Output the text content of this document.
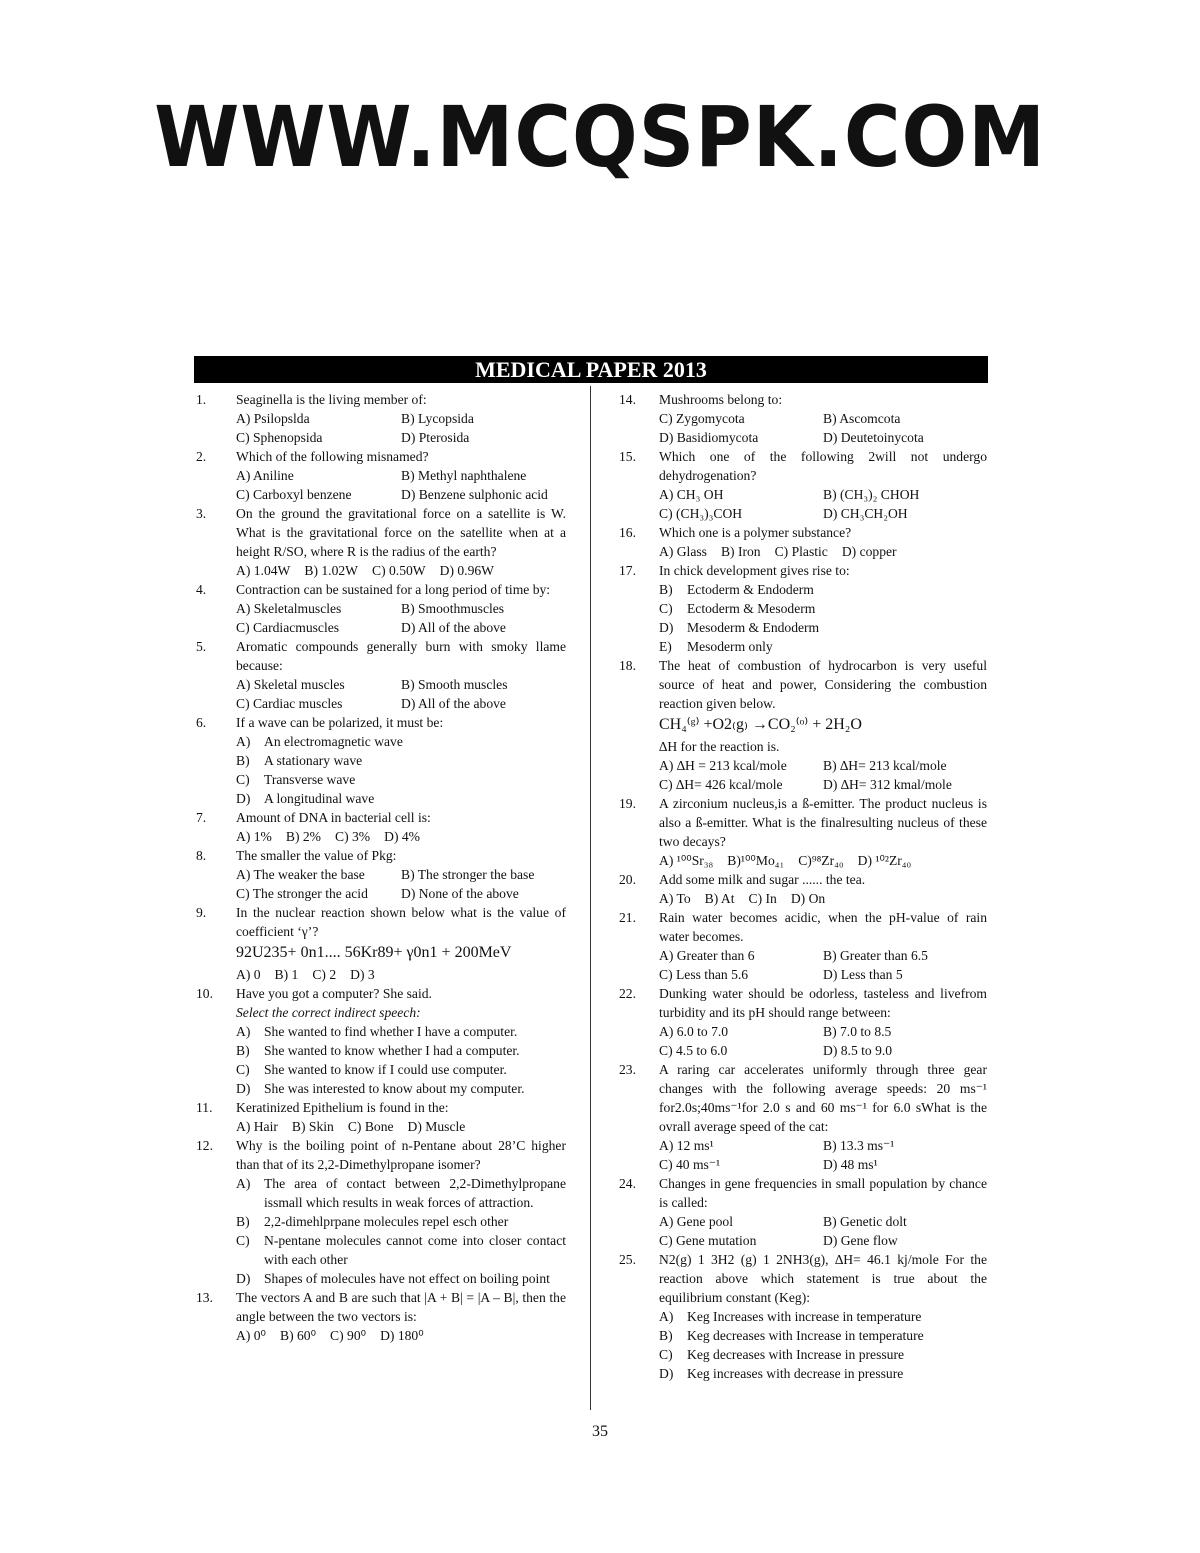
WWW.MCQSPK.COM
MEDICAL PAPER 2013
1. Seaginella is the living member of:
A) Psilopslda	B) Lycopsida
C) Sphenopsida	D) Pterosida
2. Which of the following misnamed?
A) Aniline	B) Methyl naphthalene
C) Carboxyl benzene	D) Benzene sulphonic acid
3. On the ground the gravitational force on a satellite is W. What is the gravitational force on the satellite when at a height R/SO, where R is the radius of the earth?
A) 1.04W B) 1.02W C) 0.50W D) 0.96W
4. Contraction can be sustained for a long period of time by:
A) Skeletalmuscles	B) Smoothmuscles
C) Cardiacmuscles	D) All of the above
5. Aromatic compounds generally burn with smoky llame because:
A) Skeletal muscles	B) Smooth muscles
C) Cardiac muscles	D) All of the above
6. If a wave can be polarized, it must be:
A)	An electromagnetic wave
B)	A stationary wave
C)	Transverse wave
D)	A longitudinal wave
7. Amount of DNA in bacterial cell is:
A) 1% B) 2% C) 3% D) 4%
8. The smaller the value of Pkg:
A) The weaker the base	B) The stronger the base
C) The stronger the acid	D) None of the above
9. In the nuclear reaction shown below what is the value of coefficient ‘γ’?
92U235+ 0n1.... 56Kr89+ γ0n1 + 200MeV
A) 0 B) 1 C) 2 D) 3
10. Have you got a computer? She said.
Select the correct indirect speech:
A)	She wanted to find whether I have a computer.
B)	She wanted to know whether I had a computer.
C)	She wanted to know if I could use computer.
D)	She was interested to know about my computer.
11. Keratinized Epithelium is found in the:
A) Hair B) Skin C) Bone D) Muscle
12. Why is the boiling point of n-Pentane about 28’C higher than that of its 2,2-Dimethylpropane isomer?
A)	The area of contact between 2,2-Dimethylpropane issmall which results in weak forces of attraction.
B)	2,2-dimehlprpane molecules repel esch other
C)	N-pentane molecules cannot come into closer contact with each other
D)	Shapes of molecules have not effect on boiling point
13. The vectors A and B are such that |A + B| = |A – B|, then the angle between the two vectors is:
A) 0⁰ B) 60⁰ C) 90⁰ D) 180⁰
14. Mushrooms belong to:
C) Zygomycota	B) Ascomcota
D) Basidiomycota	D) Deutetoinycota
15. Which one of the following 2will not undergo dehydrogenation?
A) CH₃ OH	B) (CH₃)₂ CHOH
C) (CH₃)₃COH	D) CH₃CH₂OH
16. Which one is a polymer substance?
A) Glass B) Iron C) Plastic D) copper
17. In chick development gives rise to:
B)	Ectoderm & Endoderm
C)	Ectoderm & Mesoderm
D)	Mesoderm & Endoderm
E)	Mesoderm only
18. The heat of combustion of hydrocarbon is very useful source of heat and power, Considering the combustion reaction given below.
CH₄⁽ᵍ⁾ +O2₍g₎ →CO₂⁽ᵒ⁾ + 2H₂O
∆H for the reaction is.
A) ∆H = 213 kcal/mole	B) ∆H= 213 kcal/mole
C) ∆H= 426 kcal/mole	D) ∆H= 312 kmal/mole
19. A zirconium nucleus,is a ß-emitter. The product nucleus is also a ß-emitter. What is the finalresulting nucleus of these two decays?
A) ¹⁰⁰Sr₃₈ B)¹⁰⁰Mo₄₁ C)⁹⁸Zr₄₀ D) ¹⁰²Zr₄₀
20. Add some milk and sugar ...... the tea.
A) To B) At C) In D) On
21. Rain water becomes acidic, when the pH-value of rain water becomes.
A) Greater than 6	B) Greater than 6.5
C) Less than 5.6	D) Less than 5
22. Dunking water should be odorless, tasteless and livefrom turbidity and its pH should range between:
A) 6.0 to 7.0	B) 7.0 to 8.5
C) 4.5 to 6.0	D) 8.5 to 9.0
23. A raring car accelerates uniformly through three gear changes with the following average speeds: 20 ms⁻¹ for2.0s;40ms⁻¹for 2.0 s and 60 ms⁻¹ for 6.0 sWhat is the ovrall average speed of the cat:
A) 12 ms¹	B) 13.3 ms⁻¹
C) 40 ms⁻¹	D) 48 ms¹
24. Changes in gene frequencies in small population by chance is called:
A) Gene pool	B) Genetic dolt
C) Gene mutation	D) Gene flow
25. N2(g) 1 3H2 (g) 1 2NH3(g), ∆H= 46.1 kj/mole For the reaction above which statement is true about the equilibrium constant (Keg):
A)	Keg Increases with increase in temperature
B)	Keg decreases with Increase in temperature
C)	Keg decreases with Increase in pressure
D)	Keg increases with decrease in pressure
35
